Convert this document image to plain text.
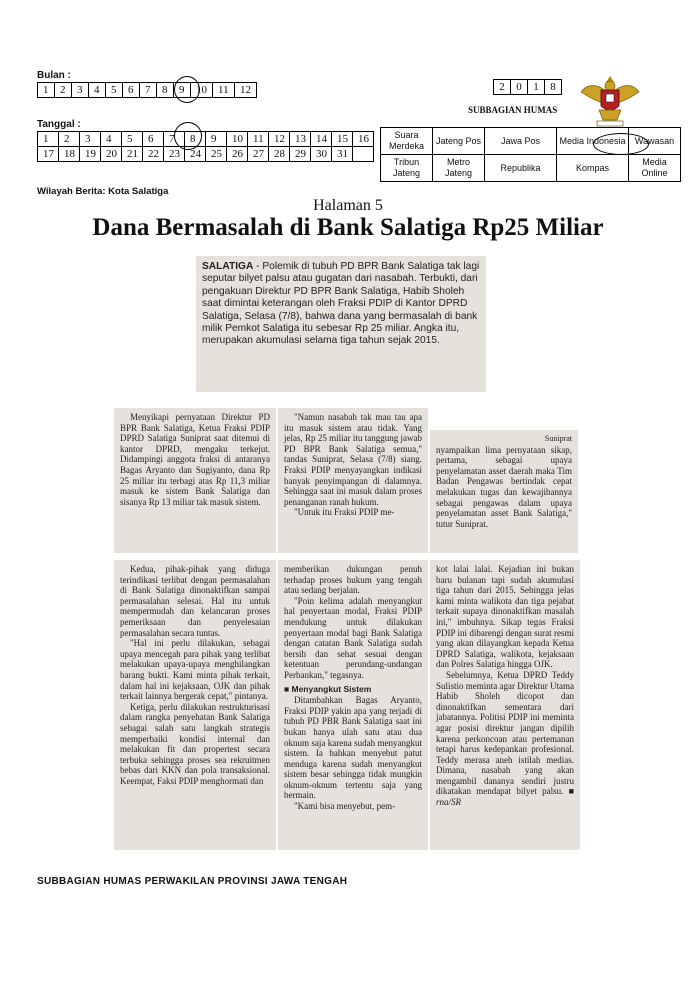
Bulan :
1	2	3	4	5	6	7	8	9	10	11	12
Tanggal :
1	2	3	4	5	6	7	8	9	10	11	12	13	14	15	16
17	18	19	20	21	22	23	24	25	26	27	28	29	30	31	
2	0	1	8
SUBBAGIAN HUMAS
Suara Merdeka	Jateng Pos	Jawa Pos	Media Indonesia	Wawasan
Tribun Jateng	Metro Jateng	Republika	Kompas	Media Online
Wilayah Berita: Kota Salatiga
Halaman 5
Dana Bermasalah di Bank Salatiga Rp25 Miliar
SALATIGA - Polemik di tubuh PD BPR Bank Salatiga tak lagi seputar bilyet palsu atau gugatan dari nasabah. Terbukti, dari pengakuan Direktur PD BPR Bank Salatiga, Habib Sholeh saat dimintai keterangan oleh Fraksi PDIP di Kantor DPRD Salatiga, Selasa (7/8), bahwa dana yang bermasalah di bank milik Pemkot Salatiga itu sebesar Rp 25 miliar. Angka itu, merupakan akumulasi selama tiga tahun sejak 2015.

Menyikapi pernyataan Direktur PD BPR Bank Salatiga, Ketua Fraksi PDIP DPRD Salatiga Suniprat saat ditemui di kantor DPRD, mengaku terkejut. Didampingi anggota fraksi di antaranya Bagas Aryanto dan Sugiyanto, dana Rp 25 miliar itu terbagi atas Rp 11,3 miliar masuk ke sistem Bank Salatiga dan sisanya Rp 13 miliar tak masuk sistem.

"Namun nasabah tak mau tau apa itu masuk sistem atau tidak. Yang jelas, Rp 25 miliar itu tanggung jawab PD BPR Bank Salatiga semua," tandas Suniprat, Selasa (7/8) siang. Fraksi PDIP menyayangkan indikasi banyak penyimpangan di dalamnya. Sehingga saat ini masuk dalam proses penanganan ranah hukum.

"Untuk itu Fraksi PDIP me-

Suniprat

nyampaikan lima pernyataan sikap, pertama, sebagai upaya penyelamatan asset daerah maka Tim Badan Pengawas bertindak cepat melakukan tugas dan kewajibannya sebagai pengawas dalam upaya penyelamatan asset Bank Salatiga," tutur Suniprat.

Kedua, pihak-pihak yang diduga terindikasi terlibat dengan permasalahan di Bank Salatiga dinonaktifkan sampai permasalahan selesai. Hal itu untuk mempermudah dan kelancaran proses pemeriksaan dan penyelesaian permasalahan secara tuntas.

"Hal ini perlu dilakukan, sebagai upaya mencegah para pihak yang terlibat melakukan upaya-upaya menghilangkan barang bukti. Kami minta pihak terkait, dalam hal ini kejaksaan, OJK dan pihak terkait lainnya bergerak cepat," pintanya.

Ketiga, perlu dilakukan restrukturisasi dalam rangka penyehatan Bank Salatiga sebagai salah satu langkah strategis memperbaiki kondisi internal dan melakukan fit dan propertest secara terbuka sehingga proses sea rekruitmen bebas dari KKN dan pola transaksional. Keempat, Faksi PDIP menghormati dan

memberikan dukungan penuh terhadap proses hukum yang tengah atau sedang berjalan.

"Poin kelima adalah menyangkut hal penyertaan modal, Fraksi PDIP mendukung untuk dilakukan penyertaan modal bagi Bank Salatiga dengan catatan Bank Salatiga sudah bersih dan sehat sesuai dengan ketentuan perundang-undangan Perbankan," tegasnya.

■ Menyangkut Sistem

Ditambahkan Bagas Aryanto, Fraksi PDIP yakin apa yang terjadi di tubuh PD PBR Bank Salatiga saat ini bukan hanya ulah satu atau dua oknum saja karena sudah menyangkut sistem. Ia bahkan menyebut patut menduga karena sudah menyangkut sistem besar sehingga tidak mungkin oknum-oknum tertentu saja yang bermain.

"Kami bisa menyebut, pem-

kot lalai lalai. Kejadian ini bukan baru bulanan tapi sudah akumulasi tiga tahun dari 2015. Sehingga jelas kami minta walikota dan tiga pejabat terkait supaya dinonaktifkan masalah ini," imbuhnya. Sikap tegas Fraksi PDIP ini dibarengi dengan surat resmi yang akan dilayangkan kepada Ketua DPRD Salatiga, walikota, kejaksaan dan Polres Salatiga hingga OJK.

Sebelumnya, Ketua DPRD Teddy Sulistio meminta agar Direktur Utama Habib Sholeh dicopot dan dinonaktifkan sementara dari jabatannya. Politisi PDIP ini meminta agar posisi direktur jangan dipilih karena perkoncoan atau pertemanan tetapi harus kedepankan profesional. Teddy merasa aneh istilah medias. Dimana, nasabah yang akan mengambil dananya sendiri justru dikatakan mendapat bilyet palsu. ■ rna/SR

SUBBAGIAN HUMAS PERWAKILAN PROVINSI JAWA TENGAH
